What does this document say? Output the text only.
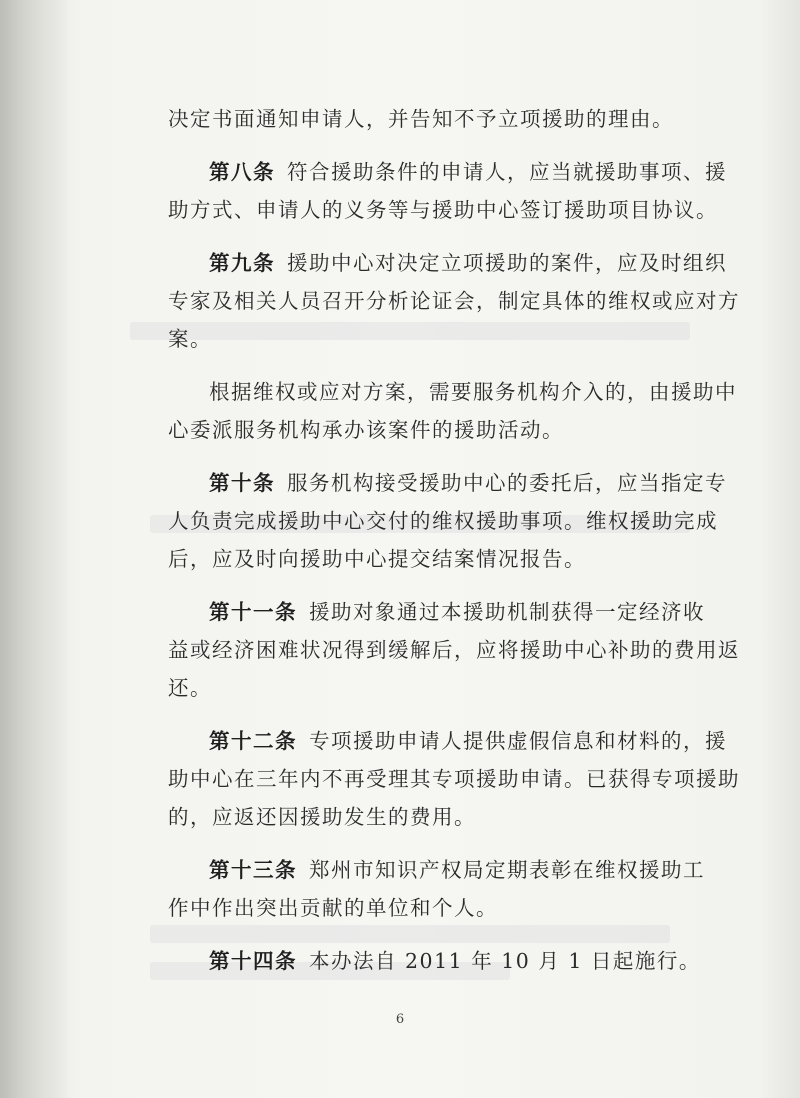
决定书面通知申请人，并告知不予立项援助的理由。
第八条 符合援助条件的申请人，应当就援助事项、援
助方式、申请人的义务等与援助中心签订援助项目协议。
第九条 援助中心对决定立项援助的案件，应及时组织
专家及相关人员召开分析论证会，制定具体的维权或应对方
案。
根据维权或应对方案，需要服务机构介入的，由援助中
心委派服务机构承办该案件的援助活动。
第十条 服务机构接受援助中心的委托后，应当指定专
人负责完成援助中心交付的维权援助事项。维权援助完成
后，应及时向援助中心提交结案情况报告。
第十一条 援助对象通过本援助机制获得一定经济收
益或经济困难状况得到缓解后，应将援助中心补助的费用返
还。
第十二条 专项援助申请人提供虚假信息和材料的，援
助中心在三年内不再受理其专项援助申请。已获得专项援助
的，应返还因援助发生的费用。
第十三条 郑州市知识产权局定期表彰在维权援助工
作中作出突出贡献的单位和个人。
第十四条 本办法自 2011 年 10 月 1 日起施行。
6
